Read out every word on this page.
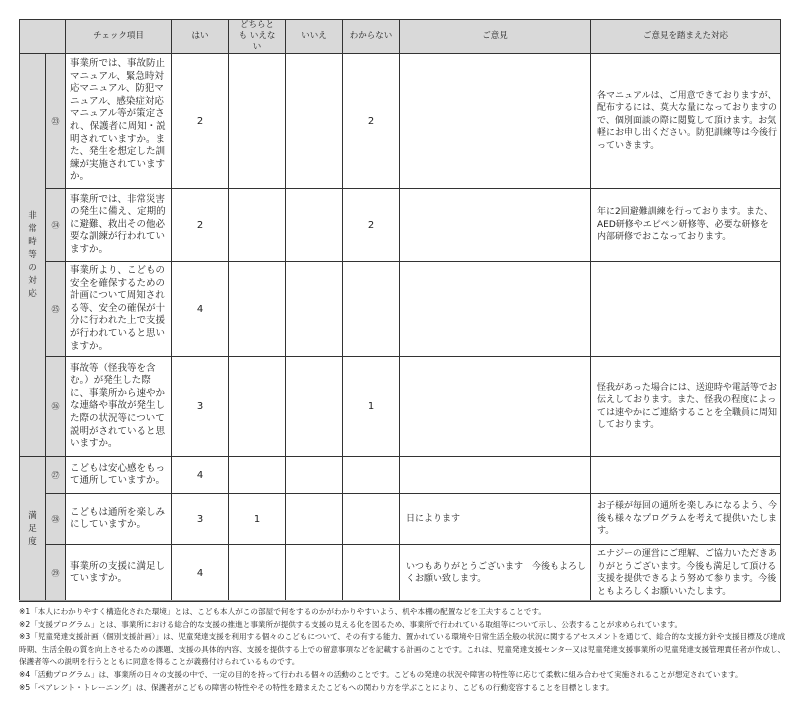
		チェック項目	はい	どちらとも いえない	いいえ	わからない	ご意見	ご意見を踏まえた対応
非常時等の対応	㉓	事業所では、事故防止マニュアル、緊急時対応マニュアル、防犯マニュアル、感染症対応マニュアル等が策定され、保護者に周知・説明されていますか。また、発生を想定した訓練が実施されていますか。	2			2		各マニュアルは、ご用意できておりますが、配布するには、莫大な量になっておりますので、個別面談の際に閲覧して頂けます。お気軽にお申し出ください。防犯訓練等は今後行っていきます。
	㉔	事業所では、非常災害の発生に備え、定期的に避難、救出その他必要な訓練が行われていますか。	2			2		年に2回避難訓練を行っております。また、AED研修やエピペン研修等、必要な研修を内部研修でおこなっております。
	㉕	事業所より、こどもの安全を確保するための計画について周知される等、安全の確保が十分に行われた上で支援が行われていると思いますか。	4					
	㉖	事故等（怪我等を含む。）が発生した際に、事業所から速やかな連絡や事故が発生した際の状況等について説明がされていると思いますか。	3			1		怪我があった場合には、送迎時や電話等でお伝えしております。また、怪我の程度によっては速やかにご連絡することを全職員に周知しております。
満足度	㉗	こどもは安心感をもって通所していますか。	4					
	㉘	こどもは通所を楽しみにしていますか。	3	1			日によります	お子様が毎回の通所を楽しみになるよう、今後も様々なプログラムを考えて提供いたします。
	㉙	事業所の支援に満足していますか。	4				いつもありがとうございます　今後もよろしくお願い致します。	エナジーの運営にご理解、ご協力いただきありがとうございます。今後も満足して頂ける支援を提供できるよう努めて参ります。今後ともよろしくお願いいたします。

※1「本人にわかりやすく構造化された環境」とは、こども本人がこの部屋で何をするのかがわかりやすいよう、机や本棚の配置などを工夫することです。

※2「支援プログラム」とは、事業所における総合的な支援の推進と事業所が提供する支援の見える化を図るため、事業所で行われている取組等について示し、公表することが求められています。

※3「児童発達支援計画（個別支援計画）」は、児童発達支援を利用する個々のこどもについて、その有する能力、置かれている環境や日常生活全般の状況に関するアセスメントを通じて、総合的な支援方針や支援目標及び達成時期、生活全般の質を向上させるための課題、支援の具体的内容、支援を提供する上での留意事項などを記載する計画のことです。これは、児童発達支援センター又は児童発達支援事業所の児童発達支援管理責任者が作成し、保護者等への説明を行うとともに同意を得ることが義務付けられているものです。

※4「活動プログラム」は、事業所の日々の支援の中で、一定の目的を持って行われる個々の活動のことです。こどもの発達の状況や障害の特性等に応じて柔軟に組み合わせて実施されることが想定されています。

※5「ペアレント・トレーニング」は、保護者がこどもの障害の特性やその特性を踏まえたこどもへの関わり方を学ぶことにより、こどもの行動変容することを目標とします。
